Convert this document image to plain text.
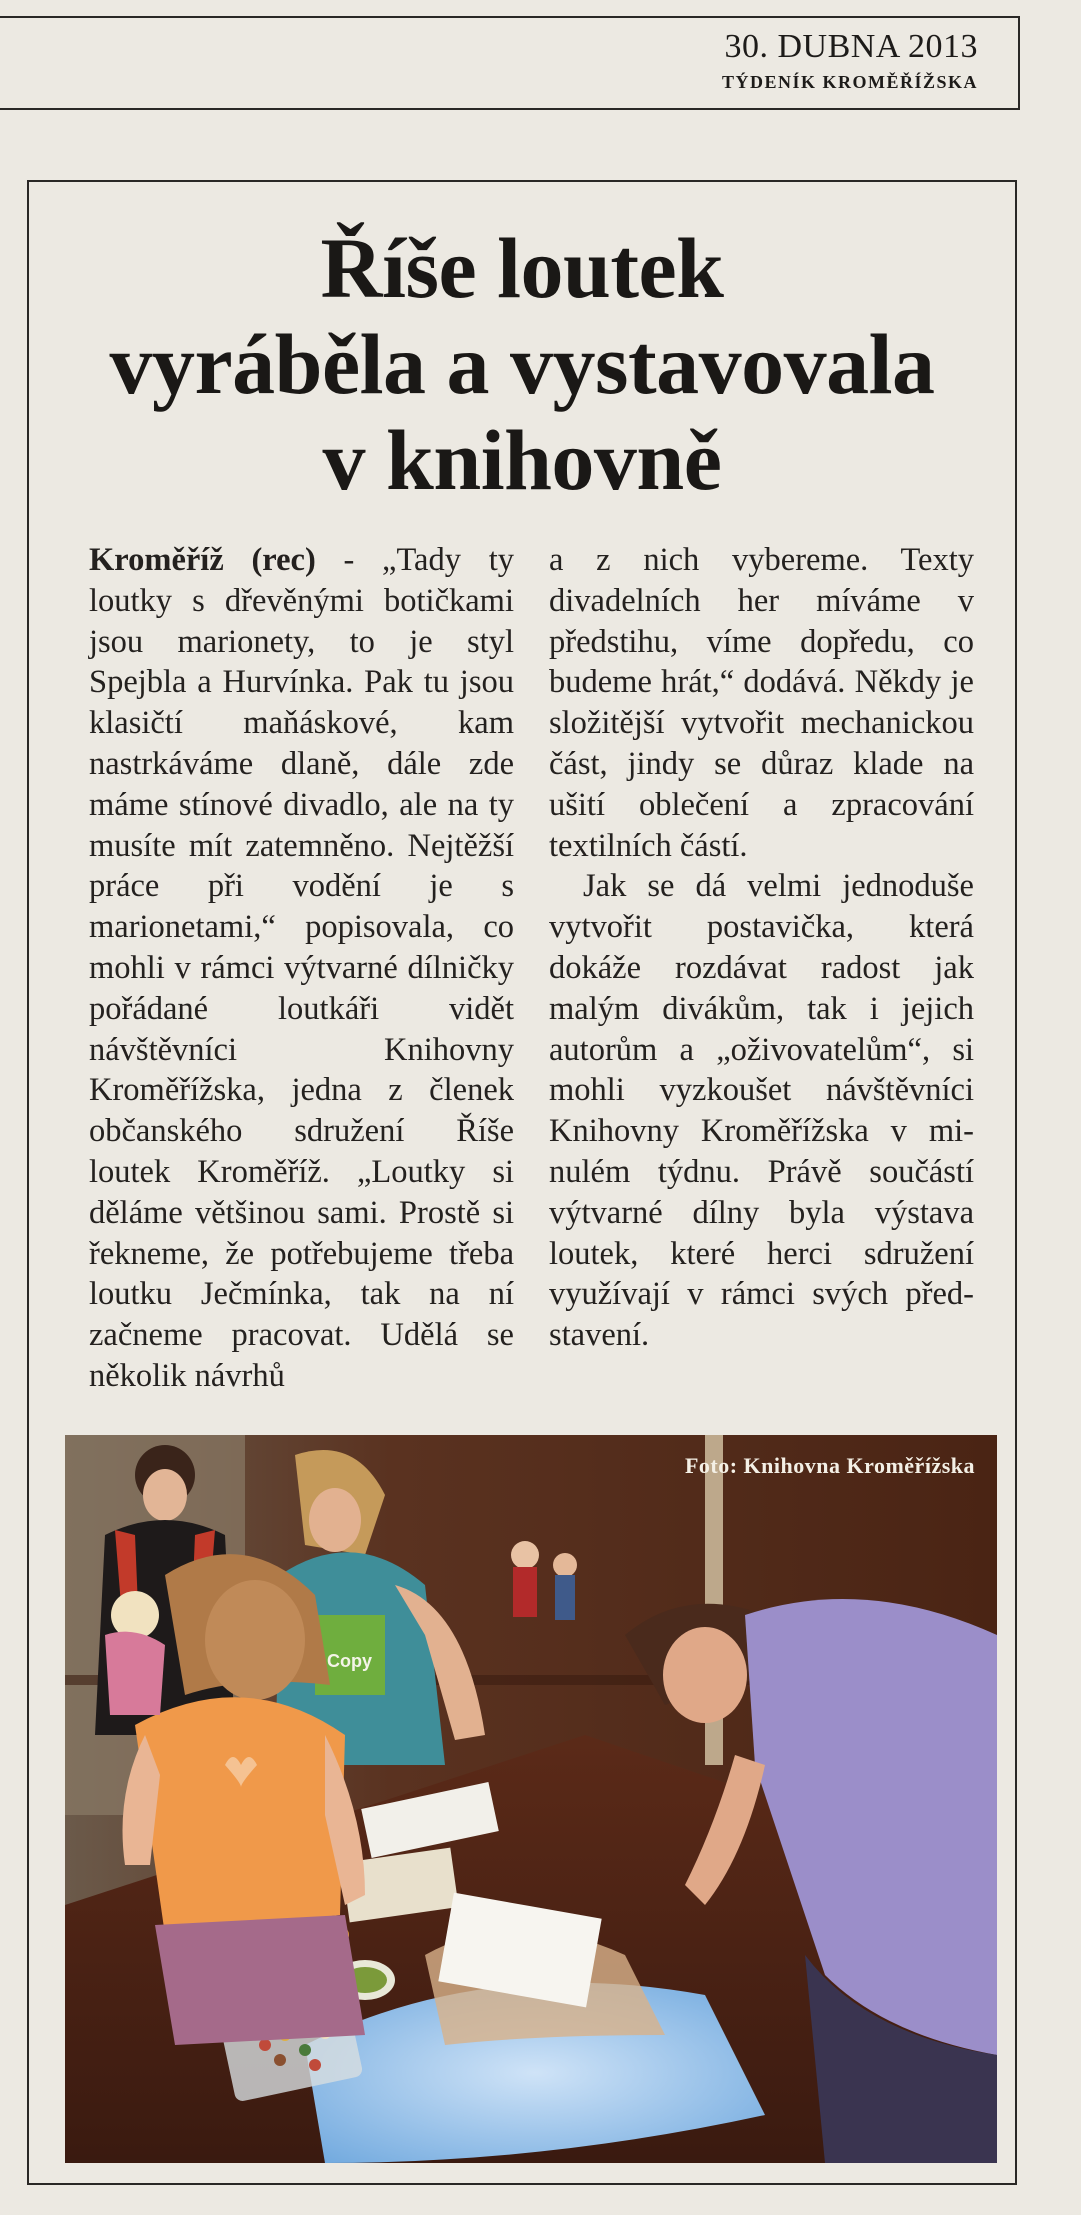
30. DUBNA 2013
TÝDENÍK KROMĚŘÍŽSKA
Říše loutek
vyráběla a vystavovala
v knihovně

Kroměříž (rec) - „Tady ty loutky s dřevěnými botičkami jsou marionety, to je styl Spejbla a Hurvínka. Pak tu jsou klasičtí maňáskové, kam nastrkáváme dlaně, dále zde máme stínové divadlo, ale na ty musíte mít zatemněno. Nejtěžší práce při vodění je s marionetami,“ popisovala, co mohli v rámci výtvarné dílničky pořádané loutkáři vidět návštěvníci Knihovny Kroměřížska, jedna z členek občanského sdružení Říše loutek Kroměříž. „Loutky si děláme většinou sami. Prostě si řekneme, že potřebujeme třeba loutku Ječmínka, tak na ní začneme pracovat. Udělá se několik návrhů

a z nich vybereme. Texty divadelních her míváme v předstihu, víme dopředu, co budeme hrát,“ dodává. Někdy je složitější vytvořit mechanickou část, jindy se důraz klade na ušití oblečení a zpracování textilních částí.

Jak se dá velmi jednoduše vytvořit postavička, která dokáže rozdávat radost jak malým divákům, tak i jejich autorům a „oživovatelům“, si mohli vyzkoušet návštěvníci Knihovny Kroměřížska v minulém týdnu. Právě součástí výtvarné dílny byla výstava loutek, které herci sdružení využívají v rámci svých představení.

Copy
Foto: Knihovna Kroměřížska
